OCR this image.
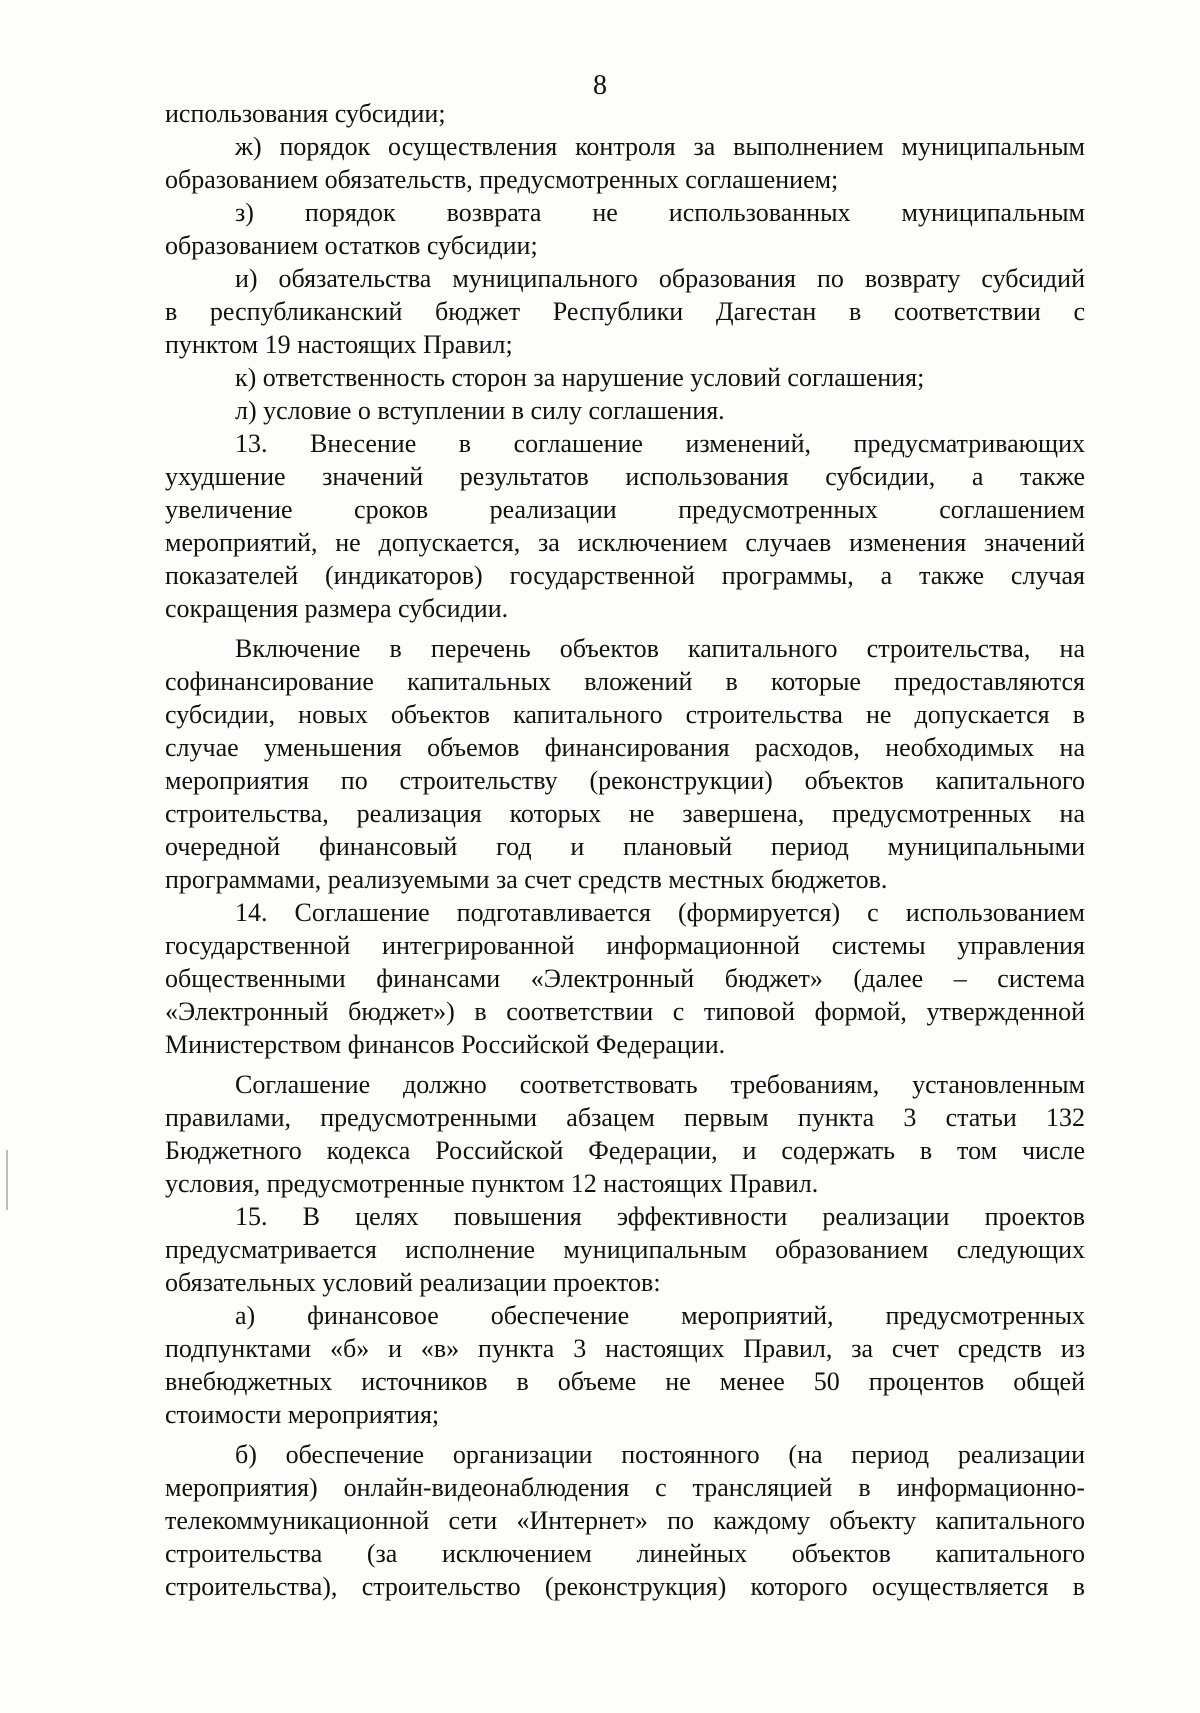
8
использования субсидии;
ж) порядок осуществления контроля за выполнением муниципальным
образованием обязательств, предусмотренных соглашением;
з) порядок возврата не использованных муниципальным
образованием остатков субсидии;
и) обязательства муниципального образования по возврату субсидий
в республиканский бюджет Республики Дагестан в соответствии с
пунктом 19 настоящих Правил;
к) ответственность сторон за нарушение условий соглашения;
л) условие о вступлении в силу соглашения.
13. Внесение в соглашение изменений, предусматривающих
ухудшение значений результатов использования субсидии, а также
увеличение сроков реализации предусмотренных соглашением
мероприятий, не допускается, за исключением случаев изменения значений
показателей (индикаторов) государственной программы, а также случая
сокращения размера субсидии.
Включение в перечень объектов капитального строительства, на
софинансирование капитальных вложений в которые предоставляются
субсидии, новых объектов капитального строительства не допускается в
случае уменьшения объемов финансирования расходов, необходимых на
мероприятия по строительству (реконструкции) объектов капитального
строительства, реализация которых не завершена, предусмотренных на
очередной финансовый год и плановый период муниципальными
программами, реализуемыми за счет средств местных бюджетов.
14. Соглашение подготавливается (формируется) с использованием
государственной интегрированной информационной системы управления
общественными финансами «Электронный бюджет» (далее – система
«Электронный бюджет») в соответствии с типовой формой, утвержденной
Министерством финансов Российской Федерации.
Соглашение должно соответствовать требованиям, установленным
правилами, предусмотренными абзацем первым пункта 3 статьи 132
Бюджетного кодекса Российской Федерации, и содержать в том числе
условия, предусмотренные пунктом 12 настоящих Правил.
15. В целях повышения эффективности реализации проектов
предусматривается исполнение муниципальным образованием следующих
обязательных условий реализации проектов:
а) финансовое обеспечение мероприятий, предусмотренных
подпунктами «б» и «в» пункта 3 настоящих Правил, за счет средств из
внебюджетных источников в объеме не менее 50 процентов общей
стоимости мероприятия;
б) обеспечение организации постоянного (на период реализации
мероприятия) онлайн-видеонаблюдения с трансляцией в информационно-
телекоммуникационной сети «Интернет» по каждому объекту капитального
строительства (за исключением линейных объектов капитального
строительства), строительство (реконструкция) которого осуществляется в
